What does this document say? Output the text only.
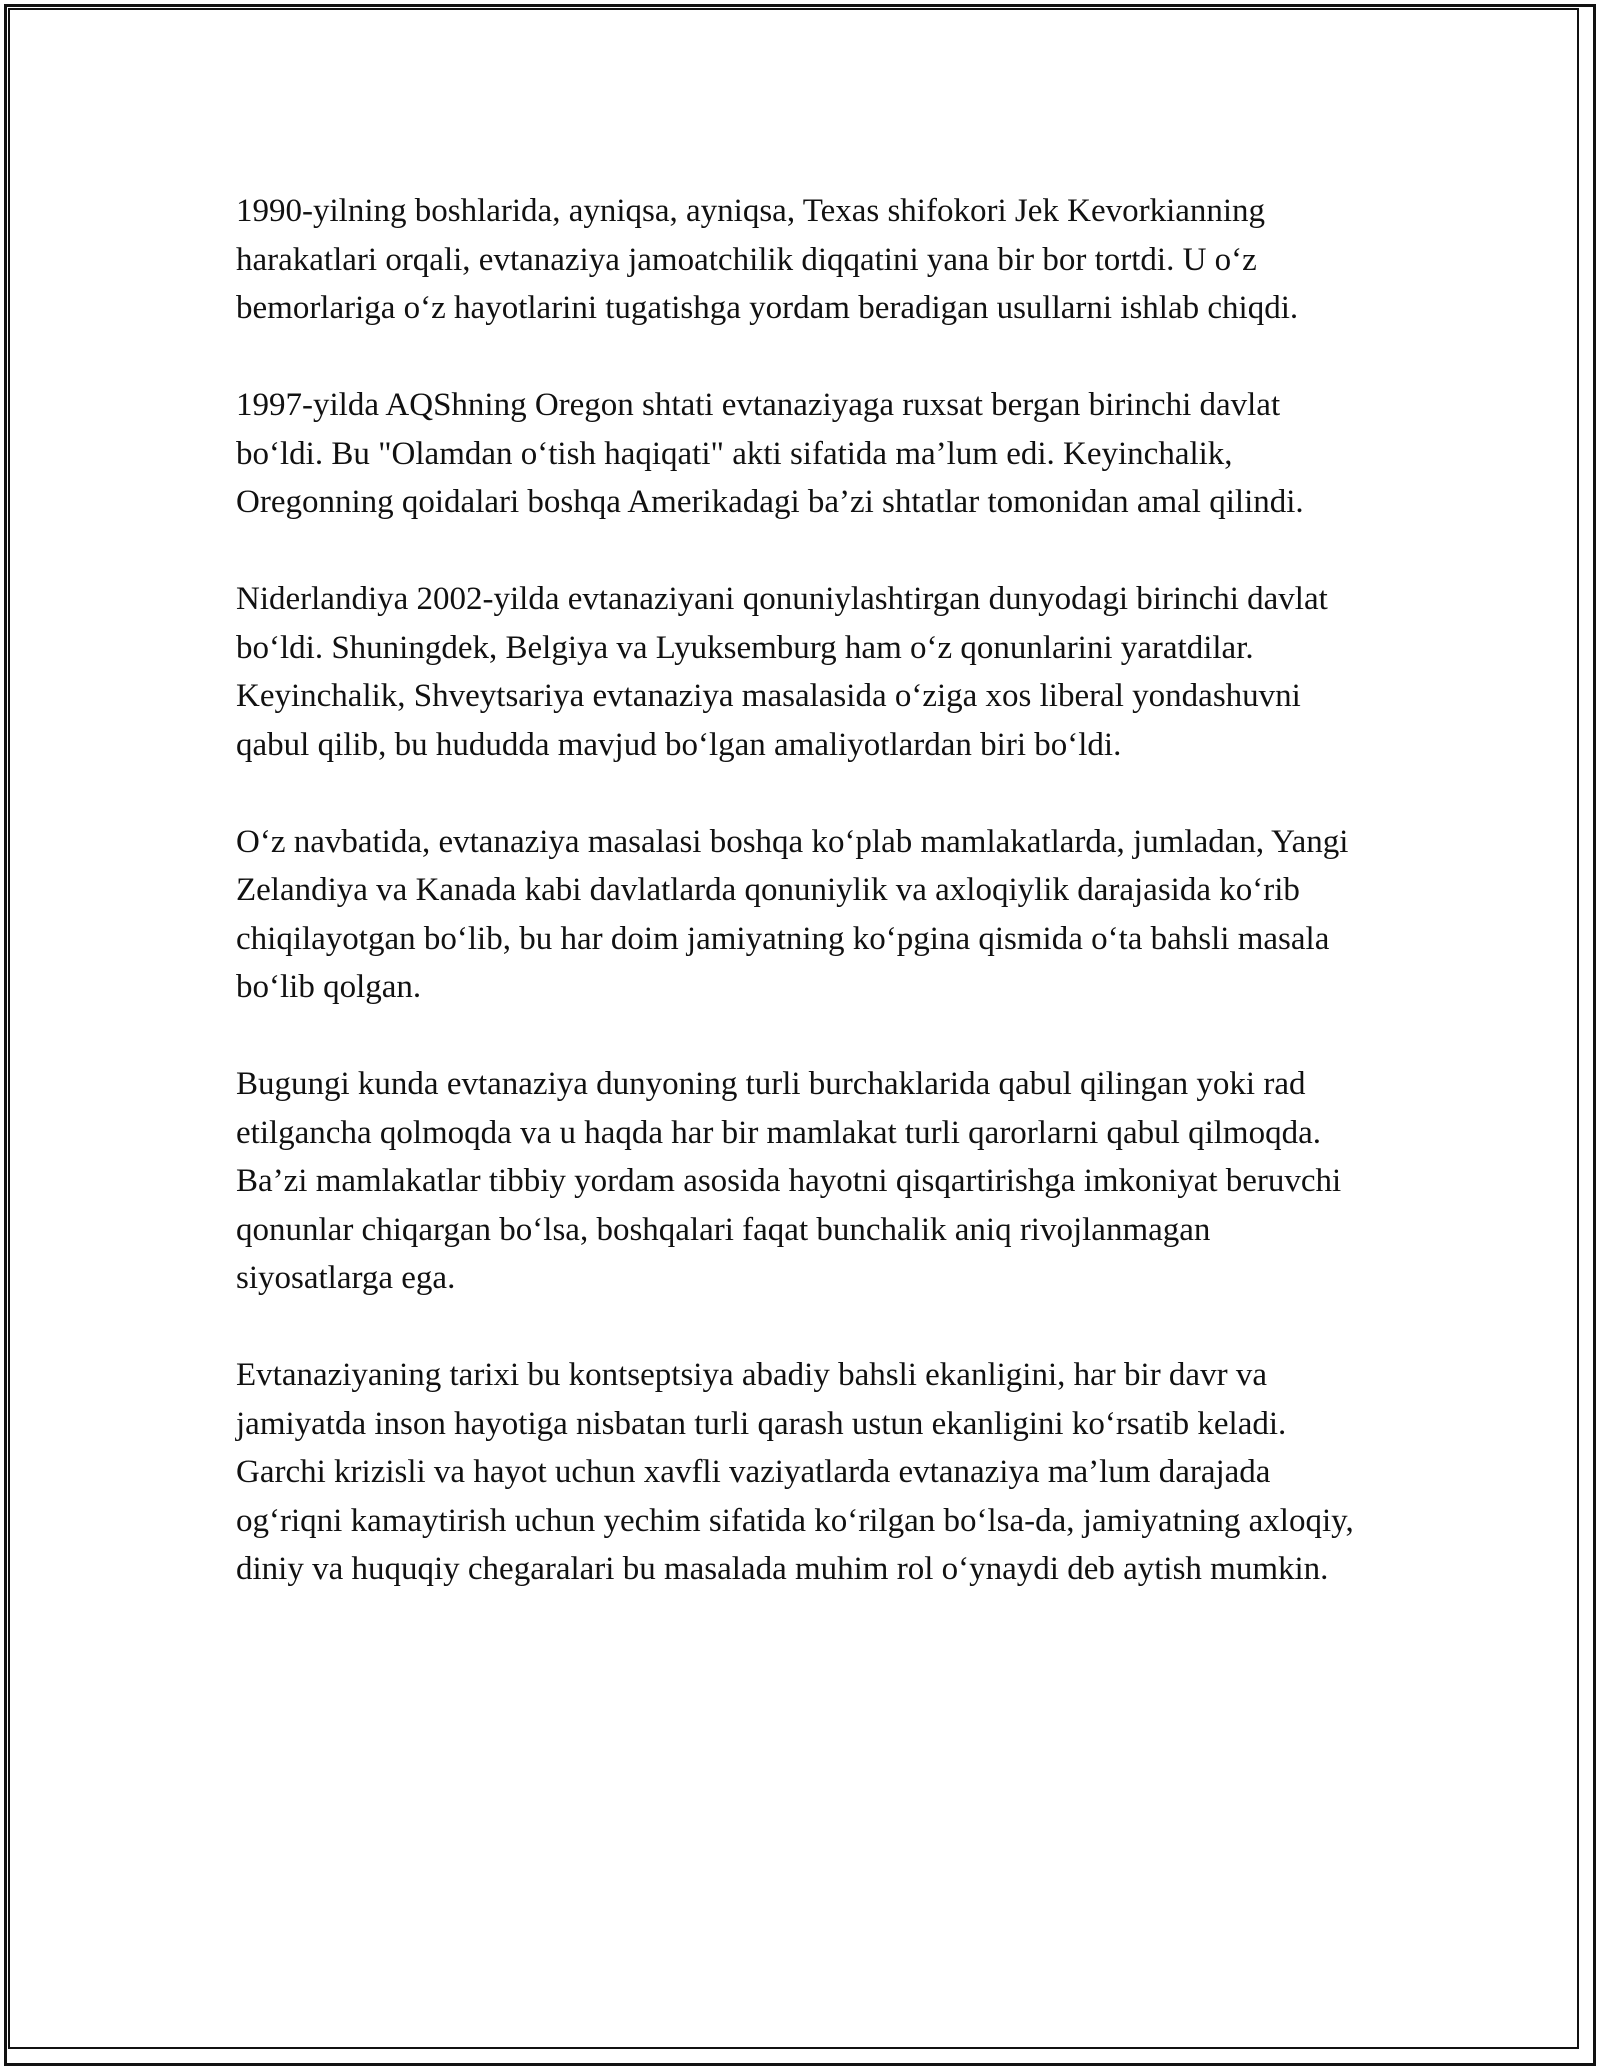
1990-yilning boshlarida, ayniqsa, ayniqsa, Texas shifokori Jek Kevorkianning harakatlari orqali, evtanaziya jamoatchilik diqqatini yana bir bor tortdi. U o‘z bemorlariga o‘z hayotlarini tugatishga yordam beradigan usullarni ishlab chiqdi.

1997-yilda AQShning Oregon shtati evtanaziyaga ruxsat bergan birinchi davlat bo‘ldi. Bu "Olamdan o‘tish haqiqati" akti sifatida ma’lum edi. Keyinchalik, Oregonning qoidalari boshqa Amerikadagi ba’zi shtatlar tomonidan amal qilindi.

Niderlandiya 2002-yilda evtanaziyani qonuniylashtirgan dunyodagi birinchi davlat bo‘ldi. Shuningdek, Belgiya va Lyuksemburg ham o‘z qonunlarini yaratdilar. Keyinchalik, Shveytsariya evtanaziya masalasida o‘ziga xos liberal yondashuvni qabul qilib, bu hududda mavjud bo‘lgan amaliyotlardan biri bo‘ldi.

O‘z navbatida, evtanaziya masalasi boshqa ko‘plab mamlakatlarda, jumladan, Yangi Zelandiya va Kanada kabi davlatlarda qonuniylik va axloqiylik darajasida ko‘rib chiqilayotgan bo‘lib, bu har doim jamiyatning ko‘pgina qismida o‘ta bahsli masala bo‘lib qolgan.

Bugungi kunda evtanaziya dunyoning turli burchaklarida qabul qilingan yoki rad etilgancha qolmoqda va u haqda har bir mamlakat turli qarorlarni qabul qilmoqda. Ba’zi mamlakatlar tibbiy yordam asosida hayotni qisqartirishga imkoniyat beruvchi qonunlar chiqargan bo‘lsa, boshqalari faqat bunchalik aniq rivojlanmagan siyosatlarga ega.

Evtanaziyaning tarixi bu kontseptsiya abadiy bahsli ekanligini, har bir davr va jamiyatda inson hayotiga nisbatan turli qarash ustun ekanligini ko‘rsatib keladi. Garchi krizisli va hayot uchun xavfli vaziyatlarda evtanaziya ma’lum darajada og‘riqni kamaytirish uchun yechim sifatida ko‘rilgan bo‘lsa-da, jamiyatning axloqiy, diniy va huquqiy chegaralari bu masalada muhim rol o‘ynaydi deb aytish mumkin.
